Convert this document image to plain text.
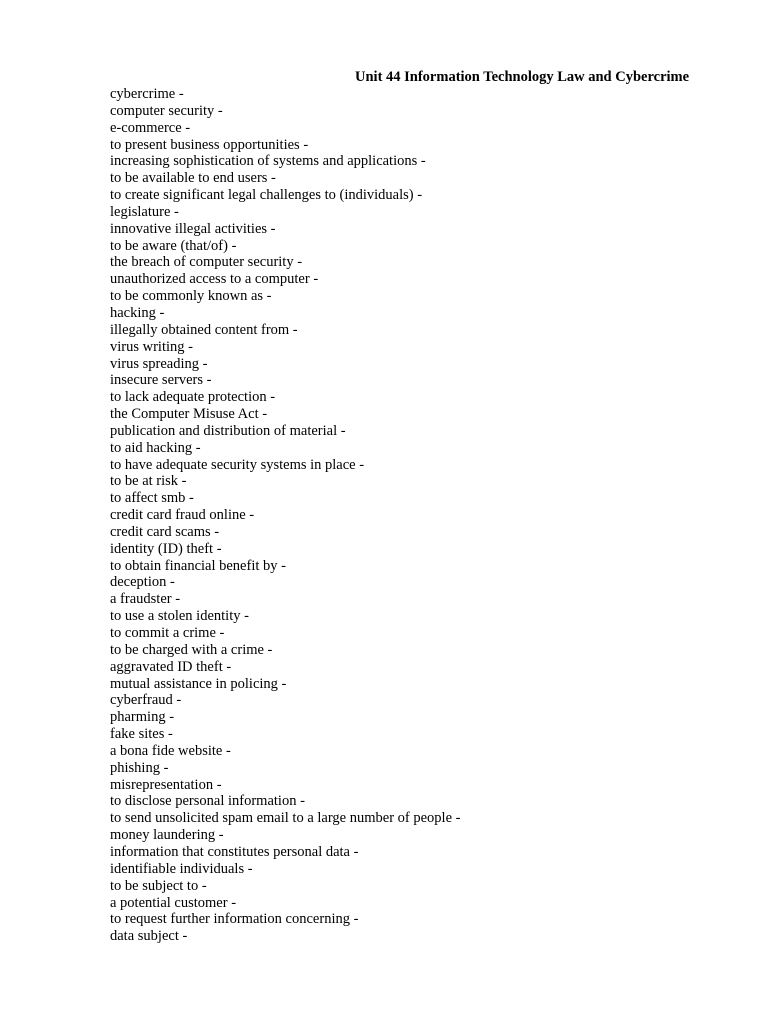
Unit 44 Information Technology Law and Cybercrime
cybercrime -
computer security -
e-commerce -
to present business opportunities -
increasing sophistication of systems and applications -
to be available to end users -
to create significant legal challenges to (individuals) -
legislature -
innovative illegal activities -
to be aware (that/of) -
the breach of computer security -
unauthorized access to a computer -
to be commonly known as -
hacking -
illegally obtained content from -
virus writing -
virus spreading -
insecure servers -
to lack adequate protection -
the Computer Misuse Act -
publication and distribution of material -
to aid hacking -
to have adequate security systems in place -
to be at risk -
to affect smb -
credit card fraud online -
credit card scams -
identity (ID) theft -
to obtain financial benefit by -
deception -
a fraudster -
to use a stolen identity -
to commit a crime -
to be charged with a crime -
aggravated ID theft -
mutual assistance in policing -
cyberfraud -
pharming -
fake sites -
a bona fide website -
phishing -
misrepresentation -
to disclose personal information -
to send unsolicited spam email to a large number of people -
money laundering -
information that constitutes personal data -
identifiable individuals -
to be subject to -
a potential customer -
to request further information concerning -
data subject -
